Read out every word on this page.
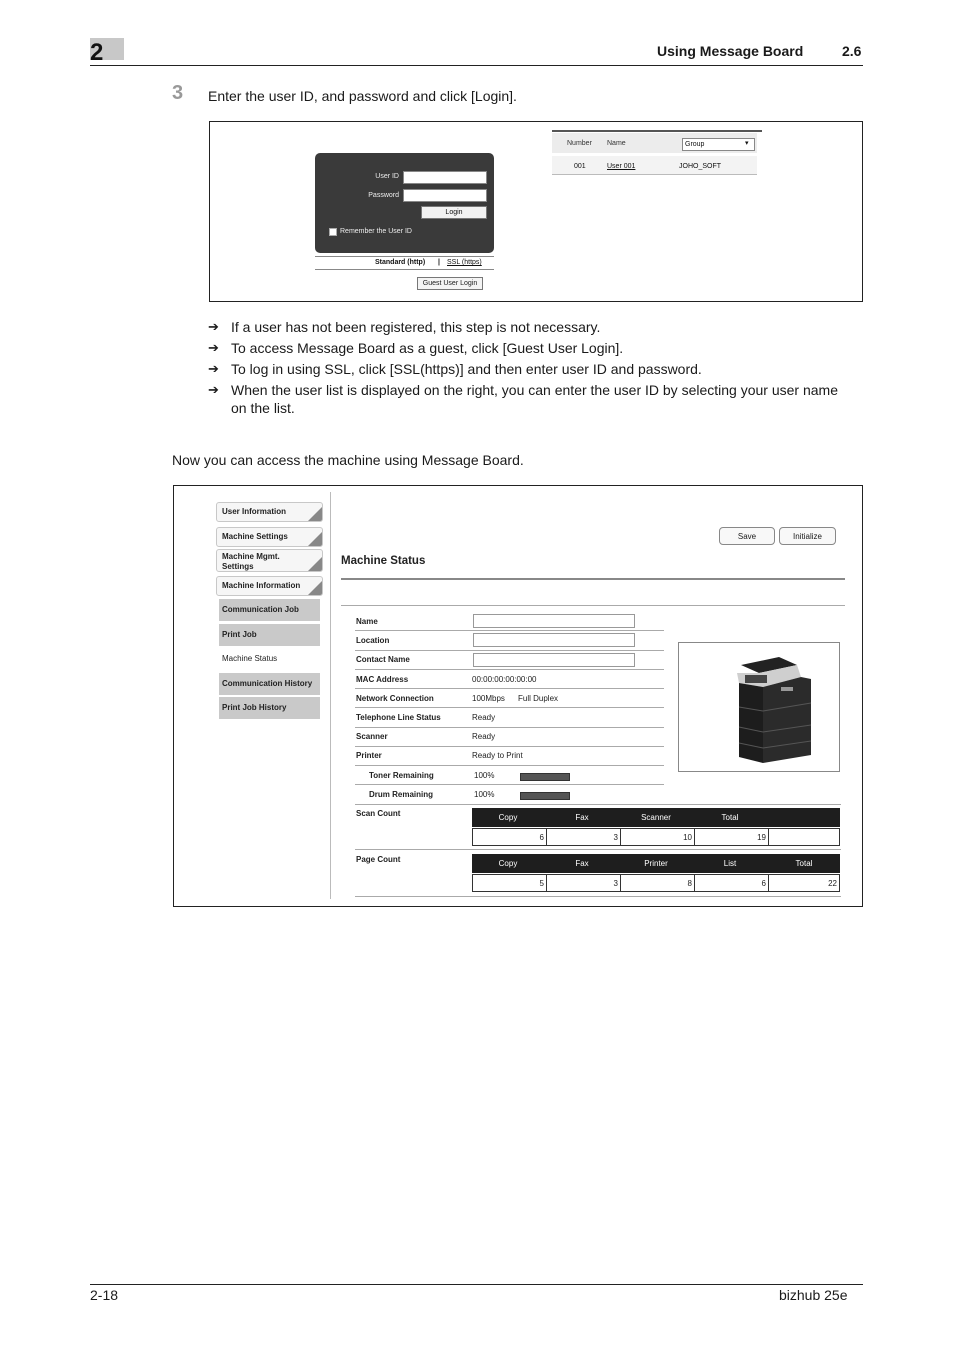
2	Using Message Board	2.6
3 Enter the user ID, and password and click [Login].
User ID
Password
Login
Remember the User ID
Standard (http) | SSL (https)
Guest User Login
Number Name	Group	▾
001	User 001	JOHO_SOFT
➔ If a user has not been registered, this step is not necessary.
➔ To access Message Board as a guest, click [Guest User Login].
➔ To log in using SSL, click [SSL(https)] and then enter user ID and password.
➔ When the user list is displayed on the right, you can enter the user ID by selecting your user name
on the list.
Now you can access the machine using Message Board.
User Information
Machine Settings
Machine Mgmt.
Settings
Machine Information
Communication Job
Print Job
Machine Status
Communication History
Print Job History
Save	Initialize
Machine Status
Name
Location
Contact Name
MAC Address	00:00:00:00:00:00
Network Connection	100Mbps Full Duplex
Telephone Line Status	Ready
Scanner	Ready
Printer	Ready to Print
Toner Remaining	100%
Drum Remaining	100%
Scan Count	Copy	Fax	Scanner	Total
6	3	10	19
Page Count	Copy	Fax	Printer	List	Total
5	3	8	6	22
2-18	bizhub 25e
